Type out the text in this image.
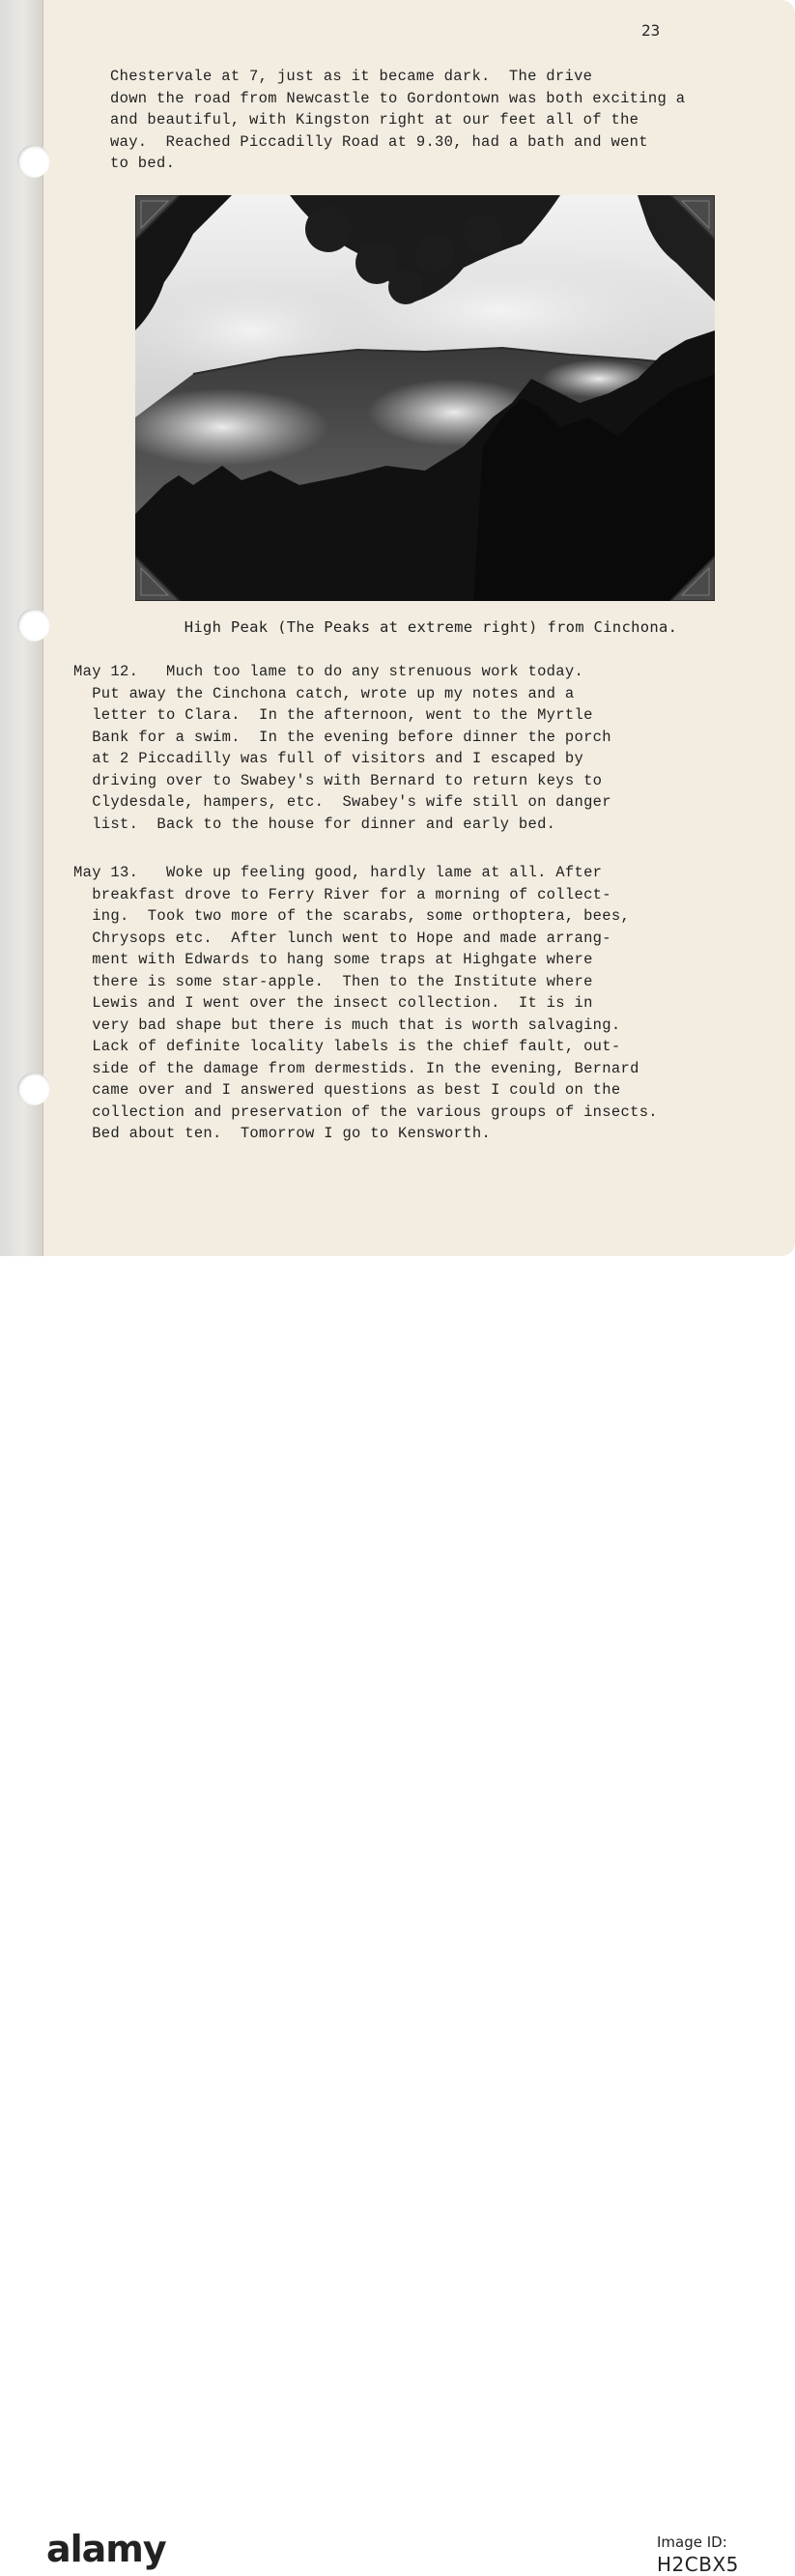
23
Chestervale at 7, just as it became dark.  The drive
down the road from Newcastle to Gordontown was both exciting a
and beautiful, with Kingston right at our feet all of the
way.  Reached Piccadilly Road at 9.30, had a bath and went
to bed.
High Peak (The Peaks at extreme right) from Cinchona.
May 12.   Much too lame to do any strenuous work today.
Put away the Cinchona catch, wrote up my notes and a
letter to Clara.  In the afternoon, went to the Myrtle
Bank for a swim.  In the evening before dinner the porch
at 2 Piccadilly was full of visitors and I escaped by
driving over to Swabey's with Bernard to return keys to
Clydesdale, hampers, etc.  Swabey's wife still on danger
list.  Back to the house for dinner and early bed.
May 13.   Woke up feeling good, hardly lame at all. After
breakfast drove to Ferry River for a morning of collect-
ing.  Took two more of the scarabs, some orthoptera, bees,
Chrysops etc.  After lunch went to Hope and made arrang-
ment with Edwards to hang some traps at Highgate where
there is some star-apple.  Then to the Institute where
Lewis and I went over the insect collection.  It is in
very bad shape but there is much that is worth salvaging.
Lack of definite locality labels is the chief fault, out-
side of the damage from dermestids. In the evening, Bernard
came over and I answered questions as best I could on the
collection and preservation of the various groups of insects.
Bed about ten.  Tomorrow I go to Kensworth.
alamy	Image ID:
H2CBX5
